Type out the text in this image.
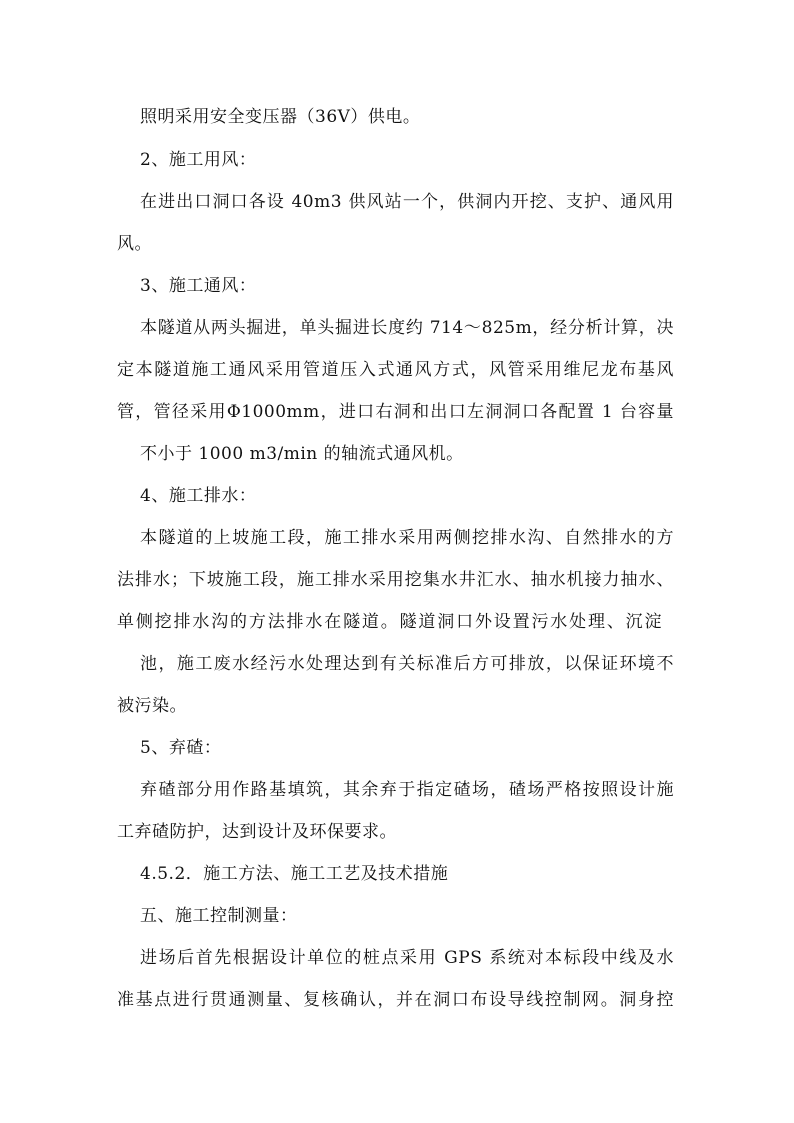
照明采用安全变压器（36V）供电。
2、施工用风：
在进出口洞口各设 40m3 供风站一个，供洞内开挖、支护、通风用
风。
3、施工通风：
本隧道从两头掘进，单头掘进长度约 714～825m，经分析计算，决
定本隧道施工通风采用管道压入式通风方式，风管采用维尼龙布基风
管，管径采用Φ1000mm，进口右洞和出口左洞洞口各配置 1 台容量
不小于 1000 m3/min 的轴流式通风机。
4、施工排水：
本隧道的上坡施工段，施工排水采用两侧挖排水沟、自然排水的方
法排水；下坡施工段，施工排水采用挖集水井汇水、抽水机接力抽水、
单侧挖排水沟的方法排水在隧道。隧道洞口外设置污水处理、沉淀
池，施工废水经污水处理达到有关标准后方可排放，以保证环境不
被污染。
5、弃碴：
弃碴部分用作路基填筑，其余弃于指定碴场，碴场严格按照设计施
工弃碴防护，达到设计及环保要求。
4.5.2．施工方法、施工工艺及技术措施
五、施工控制测量：
进场后首先根据设计单位的桩点采用 GPS 系统对本标段中线及水
准基点进行贯通测量、复核确认，并在洞口布设导线控制网。洞身控
